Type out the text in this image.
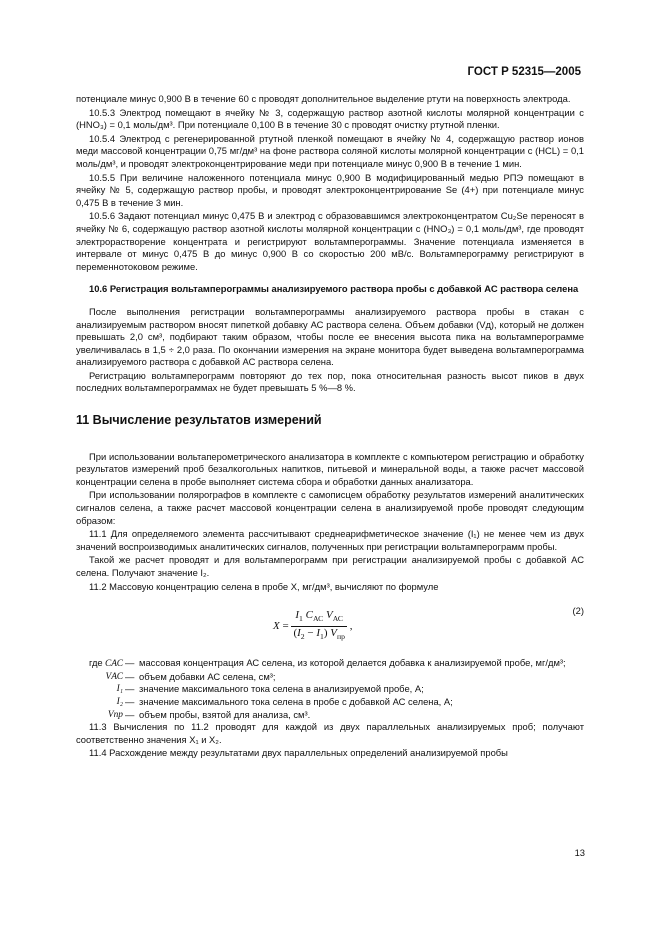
ГОСТ Р 52315—2005

потенциале минус 0,900 В в течение 60 с проводят дополнительное выделение ртути на поверхность электрода.

10.5.3 Электрод помещают в ячейку № 3, содержащую раствор азотной кислоты молярной концентрации c (HNO₃) = 0,1 моль/дм³. При потенциале 0,100 В в течение 30 с проводят очистку ртутной пленки.

10.5.4 Электрод с регенерированной ртутной пленкой помещают в ячейку № 4, содержащую раствор ионов меди массовой концентрации 0,75 мг/дм³ на фоне раствора соляной кислоты молярной концентрации c (HCL) = 0,1 моль/дм³, и проводят электроконцентрирование меди при потенциале минус 0,900 В в течение 1 мин.

10.5.5 При величине наложенного потенциала минус 0,900 В модифицированный медью РПЭ помещают в ячейку № 5, содержащую раствор пробы, и проводят электроконцентрирование Se (4+) при потенциале минус 0,475 В в течение 3 мин.

10.5.6 Задают потенциал минус 0,475 В и электрод с образовавшимся электроконцентратом Cu₂Se переносят в ячейку № 6, содержащую раствор азотной кислоты молярной концентрации c (HNO₃) = 0,1 моль/дм³, где проводят электрорастворение концентрата и регистрируют вольтамперограммы. Значение потенциала изменяется в интервале от минус 0,475 В до минус 0,900 В со скоростью 200 мВ/с. Вольтамперограмму регистрируют в переменнотоковом режиме.

10.6 Регистрация вольтамперограммы анализируемого раствора пробы с добавкой АС раствора селена

После выполнения регистрации вольтамперограммы анализируемого раствора пробы в стакан с анализируемым раствором вносят пипеткой добавку АС раствора селена. Объем добавки (Vд), который не должен превышать 2,0 см³, подбирают таким образом, чтобы после ее внесения высота пика на вольтамперограмме увеличивалась в 1,5 ÷ 2,0 раза. По окончании измерения на экране монитора будет выведена вольтамперограмма анализируемого раствора с добавкой АС раствора селена.

Регистрацию вольтамперограмм повторяют до тех пор, пока относительная разность высот пиков в двух последних вольтамперограммах не будет превышать 5 %—8 %.

11 Вычисление результатов измерений

При использовании вольтаперометрического анализатора в комплекте с компьютером регистрацию и обработку результатов измерений проб безалкогольных напитков, питьевой и минеральной воды, а также расчет массовой концентрации селена в пробе выполняет система сбора и обработки данных анализатора.

При использовании полярографов в комплекте с самописцем обработку результатов измерений аналитических сигналов селена, а также расчет массовой концентрации селена в анализируемой пробе проводят следующим образом:

11.1 Для определяемого элемента рассчитывают среднеарифметическое значение (I₁) не менее чем из двух значений воспроизводимых аналитических сигналов, полученных при регистрации вольтамперограмм пробы.

Такой же расчет проводят и для вольтамперограмм при регистрации анализируемой пробы с добавкой АС селена. Получают значение I₂.

11.2 Массовую концентрацию селена в пробе X, мг/дм³, вычисляют по формуле

$X = \frac{I_1 C_{АС} V_{АС}}{(I_2 - I_1) V_{пр}}$ ,
(2)
где CАС — массовая концентрация АС селена, из которой делается добавка к анализируемой пробе, мг/дм³;
VАС — объем добавки АС селена, см³;
I₁ — значение максимального тока селена в анализируемой пробе, А;
I₂ — значение максимального тока селена в пробе с добавкой АС селена, А;
Vпр — объем пробы, взятой для анализа, см³.

11.3 Вычисления по 11.2 проводят для каждой из двух параллельных анализируемых проб; получают соответственно значения X₁ и X₂.

11.4 Расхождение между результатами двух параллельных определений анализируемой пробы

13
